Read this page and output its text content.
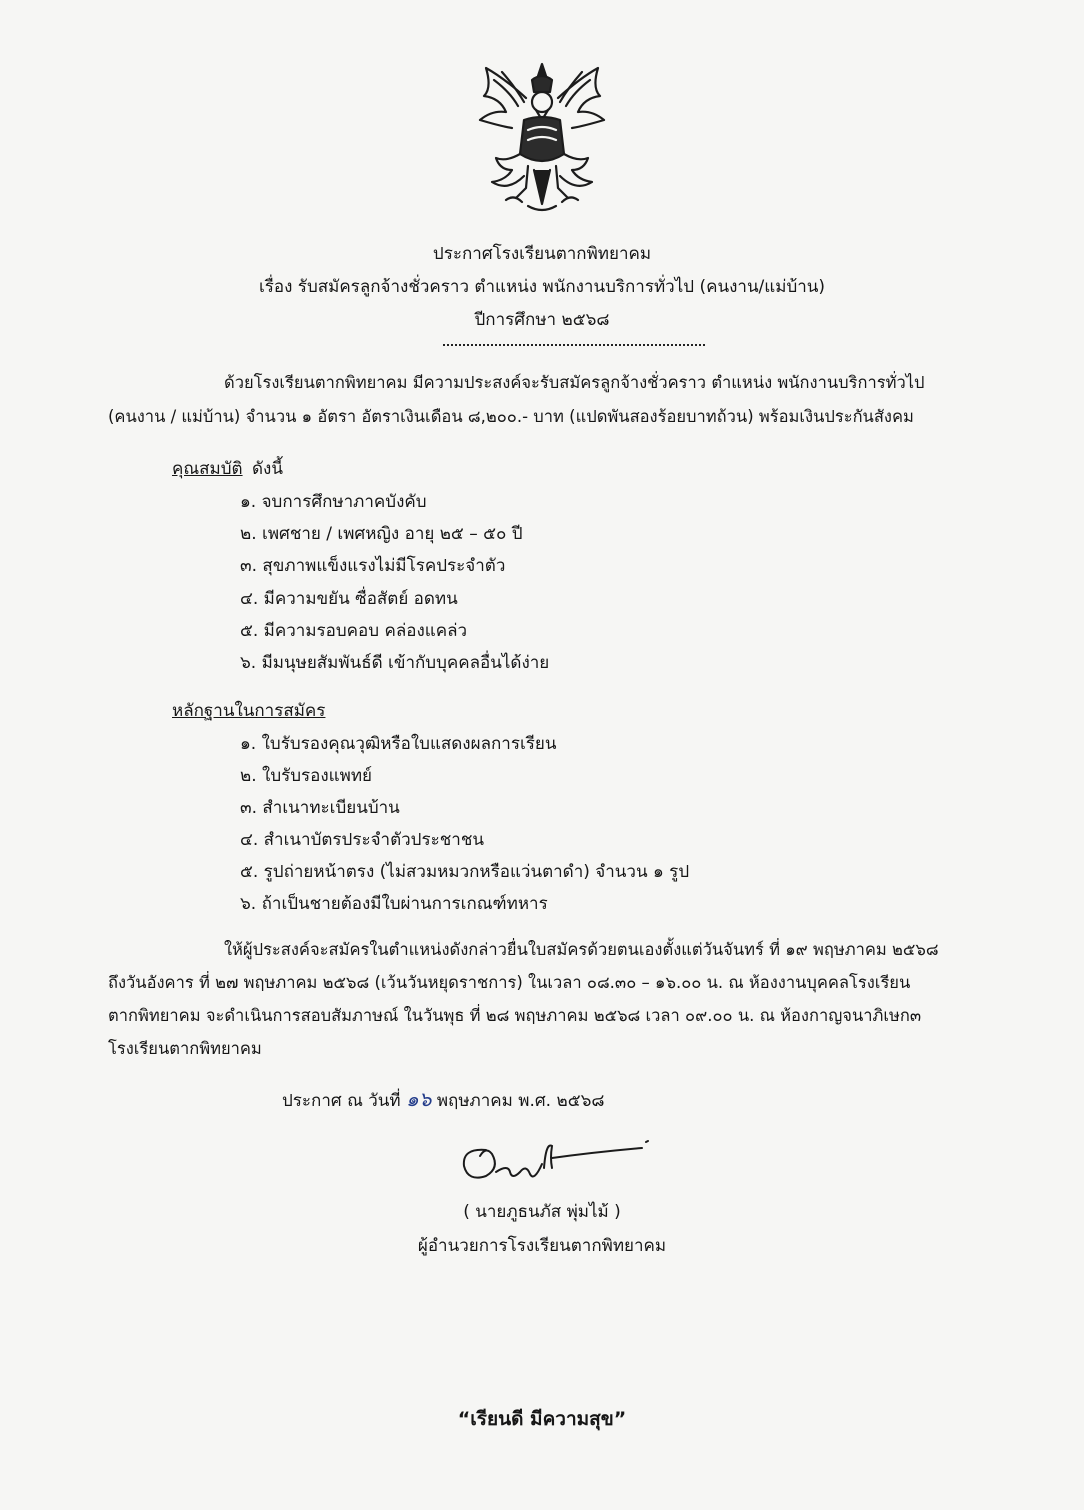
ประกาศโรงเรียนตากพิทยาคม
เรื่อง รับสมัครลูกจ้างชั่วคราว ตำแหน่ง พนักงานบริการทั่วไป (คนงาน/แม่บ้าน)
ปีการศึกษา ๒๕๖๘
ด้วยโรงเรียนตากพิทยาคม มีความประสงค์จะรับสมัครลูกจ้างชั่วคราว ตำแหน่ง พนักงานบริการทั่วไป
(คนงาน / แม่บ้าน) จำนวน ๑ อัตรา อัตราเงินเดือน ๘,๒๐๐.- บาท (แปดพันสองร้อยบาทถ้วน) พร้อมเงินประกันสังคม
คุณสมบัติ ดังนี้
๑. จบการศึกษาภาคบังคับ
๒. เพศชาย / เพศหญิง อายุ ๒๕ – ๕๐ ปี
๓. สุขภาพแข็งแรงไม่มีโรคประจำตัว
๔. มีความขยัน ซื่อสัตย์ อดทน
๕. มีความรอบคอบ คล่องแคล่ว
๖. มีมนุษยสัมพันธ์ดี เข้ากับบุคคลอื่นได้ง่าย
หลักฐานในการสมัคร
๑. ใบรับรองคุณวุฒิหรือใบแสดงผลการเรียน
๒. ใบรับรองแพทย์
๓. สำเนาทะเบียนบ้าน
๔. สำเนาบัตรประจำตัวประชาชน
๕. รูปถ่ายหน้าตรง (ไม่สวมหมวกหรือแว่นตาดำ) จำนวน ๑ รูป
๖. ถ้าเป็นชายต้องมีใบผ่านการเกณฑ์ทหาร
ให้ผู้ประสงค์จะสมัครในตำแหน่งดังกล่าวยื่นใบสมัครด้วยตนเองตั้งแต่วันจันทร์ ที่ ๑๙ พฤษภาคม ๒๕๖๘
ถึงวันอังคาร ที่ ๒๗ พฤษภาคม ๒๕๖๘ (เว้นวันหยุดราชการ) ในเวลา ๐๘.๓๐ – ๑๖.๐๐ น. ณ ห้องงานบุคคลโรงเรียน
ตากพิทยาคม จะดำเนินการสอบสัมภาษณ์ ในวันพุธ ที่ ๒๘ พฤษภาคม ๒๕๖๘ เวลา ๐๙.๐๐ น. ณ ห้องกาญจนาภิเษก๓
โรงเรียนตากพิทยาคม
ประกาศ ณ วันที่ ๑๖ พฤษภาคม พ.ศ. ๒๕๖๘
( นายภูธนภัส พุ่มไม้ )
ผู้อำนวยการโรงเรียนตากพิทยาคม
“เรียนดี มีความสุข”
